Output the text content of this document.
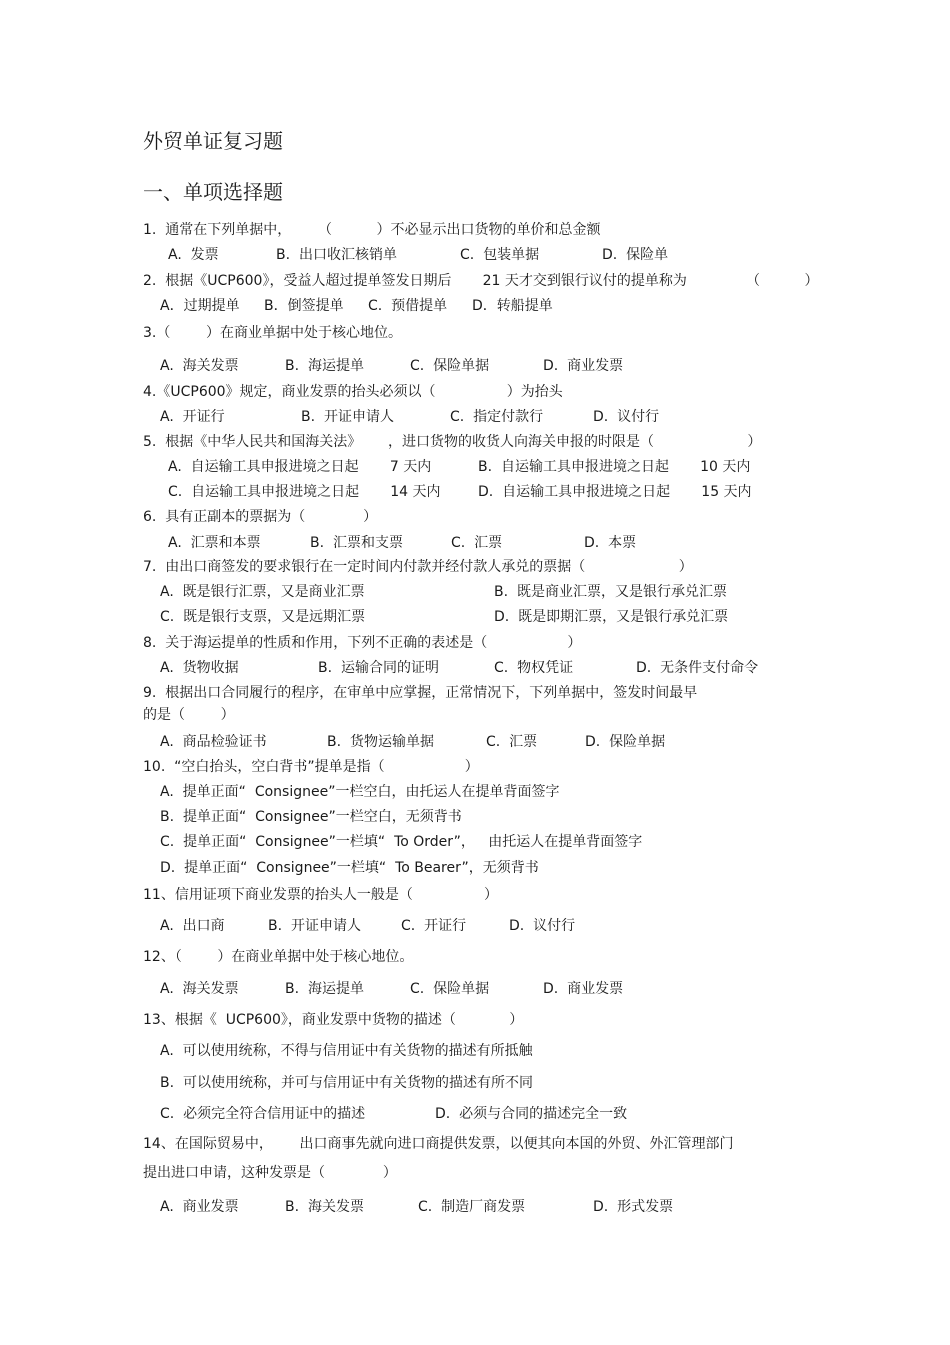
外贸单证复习题
一、单项选择题
1.  通常在下列单据中，      （          ）不必显示出口货物的单价和总金额
A.  发票	B.  出口收汇核销单	C.  包装单据	D.  保险单
2.  根据《UCP600》，受益人超过提单签发日期后       21 天才交到银行议付的提单称为	（          ）
A．过期提单 B．倒签提单 C.  预借提单 D．转船提单
3.（        ）在商业单据中处于核心地位。
A.  海关发票	B.  海运提单	C.  保险单据	D.  商业发票
4.《UCP600》规定，商业发票的抬头必须以（                ）为抬头
A.  开证行	B.  开证申请人	C.  指定付款行	D.  议付行
5.  根据《中华人民共和国海关法》      ，进口货物的收货人向海关申报的时限是（                     ）
A.  自运输工具申报进境之日起       7 天内	B.  自运输工具申报进境之日起       10 天内
C.  自运输工具申报进境之日起       14 天内	D.  自运输工具申报进境之日起       15 天内
6.  具有正副本的票据为（             ）
A.  汇票和本票	B.  汇票和支票	C.  汇票	D.  本票
7.  由出口商签发的要求银行在一定时间内付款并经付款人承兑的票据（                     ）
A.  既是银行汇票，又是商业汇票	B.  既是商业汇票，又是银行承兑汇票
C.  既是银行支票，又是远期汇票	D.  既是即期汇票，又是银行承兑汇票
8.  关于海运提单的性质和作用，下列不正确的表述是（                  ）
A.  货物收据	B.  运输合同的证明	C.  物权凭证	D.  无条件支付命令
9.  根据出口合同履行的程序，在审单中应掌握，正常情况下，下列单据中，签发时间最早
的是（        ）
A.  商品检验证书	B.  货物运输单据	C.  汇票	D.  保险单据
10.  “空白抬头，空白背书”提单是指（                  ）
A.  提单正面“  Consignee”一栏空白，由托运人在提单背面签字
B.  提单正面“  Consignee”一栏空白，无须背书
C.  提单正面“  Consignee”一栏填“  To Order”，   由托运人在提单背面签字
D.  提单正面“  Consignee”一栏填“  To Bearer”，无须背书
11、信用证项下商业发票的抬头人一般是（                ）
A.  出口商	B.  开证申请人	C.  开证行	D.  议付行
12、（        ）在商业单据中处于核心地位。
A.  海关发票	B.  海运提单	C.  保险单据	D.  商业发票
13、根据《  UCP600》，商业发票中货物的描述（            ）
A.  可以使用统称，不得与信用证中有关货物的描述有所抵触
B.  可以使用统称，并可与信用证中有关货物的描述有所不同
C.  必须完全符合信用证中的描述	D.  必须与合同的描述完全一致
14、在国际贸易中，      出口商事先就向进口商提供发票，以便其向本国的外贸、外汇管理部门
提出进口申请，这种发票是（             ）
A.  商业发票	B.  海关发票	C.  制造厂商发票	D.  形式发票
